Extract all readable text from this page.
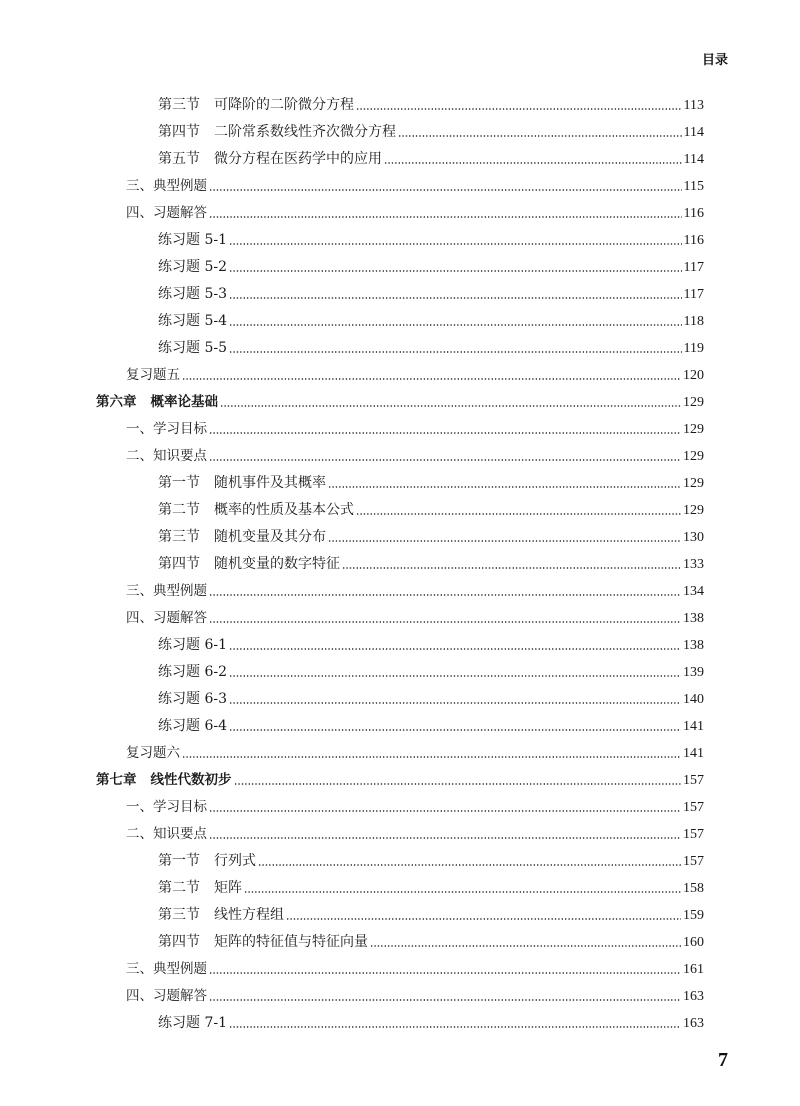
目录
第三节 可降阶的二阶微分方程	113
第四节 二阶常系数线性齐次微分方程	114
第五节 微分方程在医药学中的应用	114
三、典型例题	115
四、习题解答	116
练习题 5-1	116
练习题 5-2	117
练习题 5-3	117
练习题 5-4	118
练习题 5-5	119
复习题五	120
第六章 概率论基础	129
一、学习目标	129
二、知识要点	129
第一节 随机事件及其概率	129
第二节 概率的性质及基本公式	129
第三节 随机变量及其分布	130
第四节 随机变量的数字特征	133
三、典型例题	134
四、习题解答	138
练习题 6-1	138
练习题 6-2	139
练习题 6-3	140
练习题 6-4	141
复习题六	141
第七章 线性代数初步	157
一、学习目标	157
二、知识要点	157
第一节 行列式	157
第二节 矩阵	158
第三节 线性方程组	159
第四节 矩阵的特征值与特征向量	160
三、典型例题	161
四、习题解答	163
练习题 7-1	163
7
